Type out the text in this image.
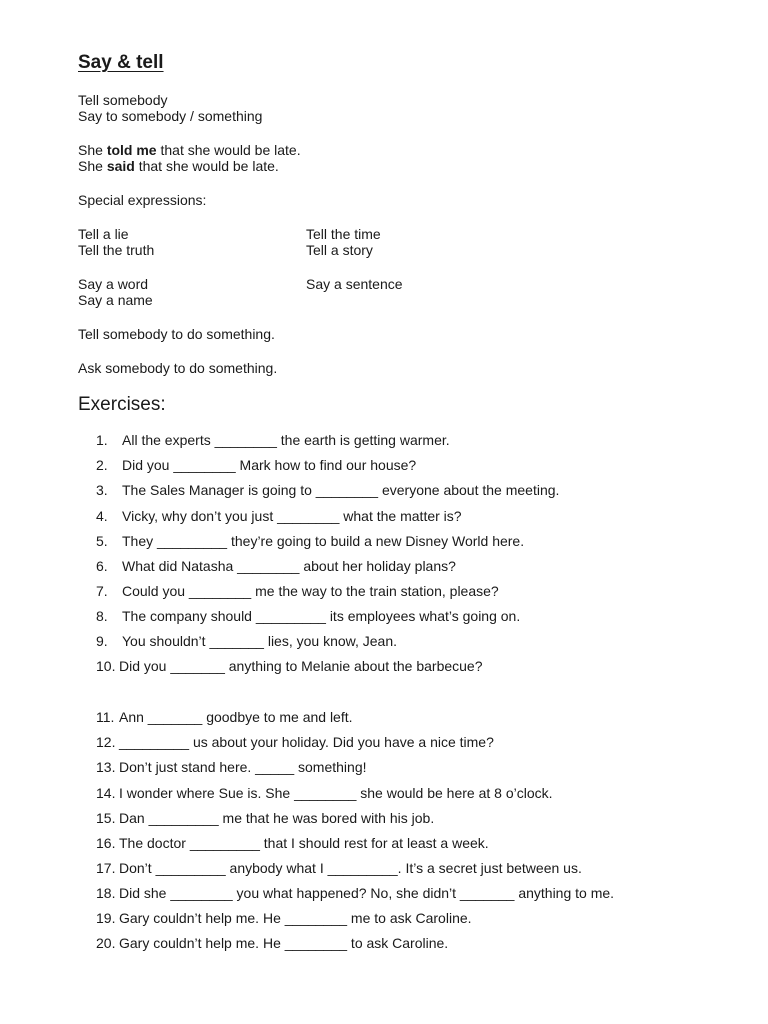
Say & tell

Tell somebody

Say to somebody / something

She told me that she would be late.

She said that she would be late.

Special expressions:

Tell a lie	Tell the time

Tell the truth	Tell a story

Say a word	Say a sentence

Say a name

Tell somebody to do something.

Ask somebody to do something.

Exercises:
1. All the experts ________ the earth is getting warmer.
2. Did you ________ Mark how to find our house?
3. The Sales Manager is going to ________ everyone about the meeting.
4. Vicky, why don’t you just ________ what the matter is?
5. They _________ they’re going to build a new Disney World here.
6. What did Natasha ________ about her holiday plans?
7. Could you ________ me the way to the train station, please?
8. The company should _________ its employees what’s going on.
9. You shouldn’t _______ lies, you know, Jean.
10. Did you _______ anything to Melanie about the barbecue?
11. Ann _______ goodbye to me and left.
12. _________ us about your holiday. Did you have a nice time?
13. Don’t just stand here. _____ something!
14. I wonder where Sue is. She ________ she would be here at 8 o’clock.
15. Dan _________ me that he was bored with his job.
16. The doctor _________ that I should rest for at least a week.
17. Don’t _________ anybody what I _________. It’s a secret just between us.
18. Did she ________ you what happened? No, she didn’t _______ anything to me.
19. Gary couldn’t help me. He ________ me to ask Caroline.
20. Gary couldn’t help me. He ________ to ask Caroline.
